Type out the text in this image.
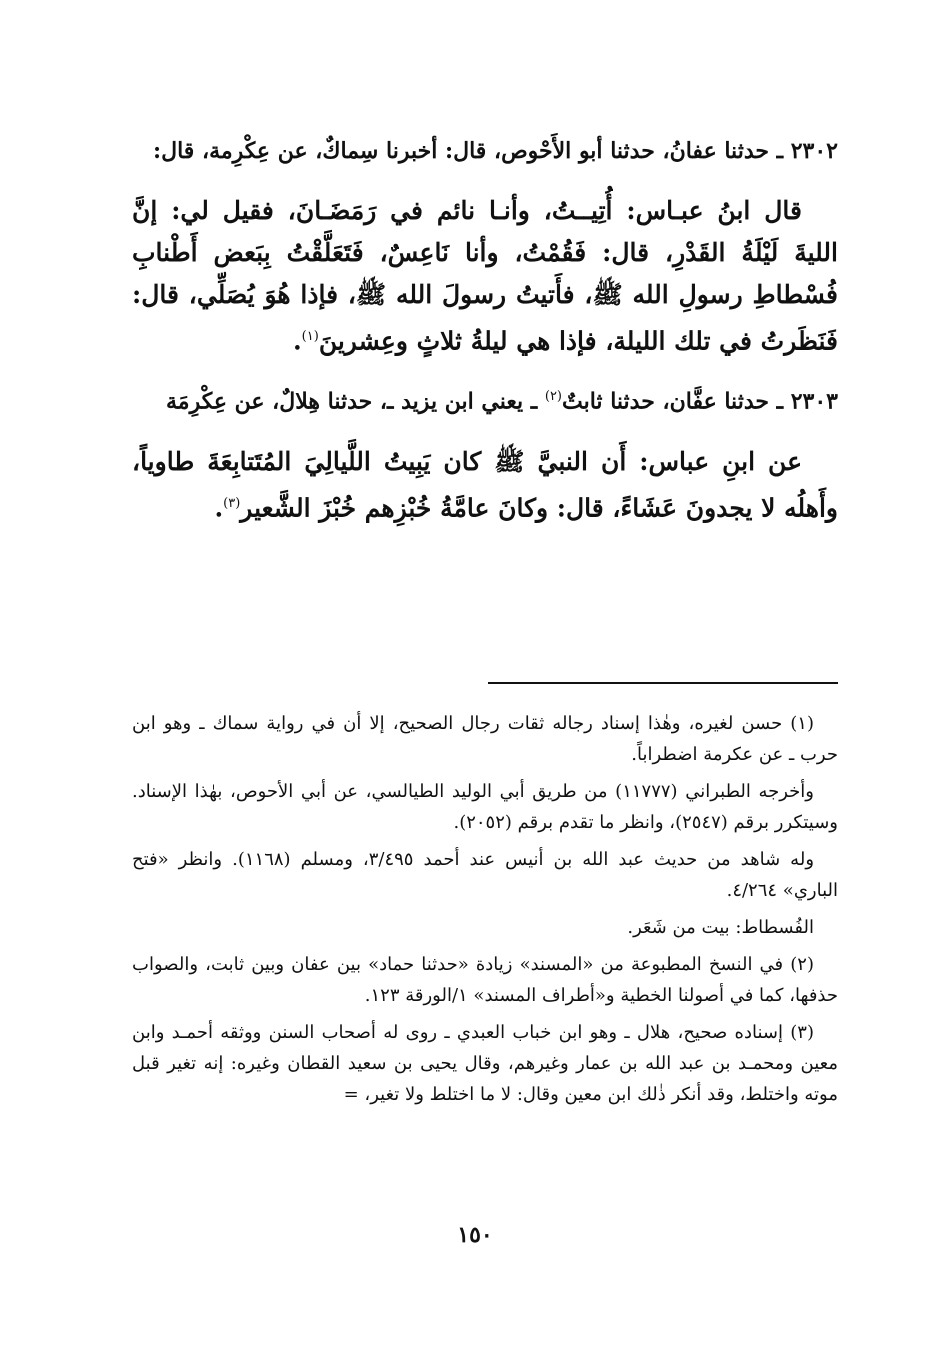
٢٣٠٢ ـ حدثنا عفانُ، حدثنا أبو الأَحْوص، قال: أخبرنا سِماكٌ، عن عِكْرِمة، قال:

قال ابنُ عبـاس: أُتِيــتُ، وأنـا نائم في رَمَضَـانَ، فقيل لي: إنَّ الليةَ لَيْلَةُ القَدْرِ، قال: فَقُمْتُ، وأنا نَاعِسٌ، فَتَعَلَّقْتُ بِبَعض أَطْنابِ فُسْطاطِ رسولِ الله ﷺ، فأَتيتُ رسولَ الله ﷺ، فإذا هُوَ يُصَلِّي، قال: فَنَظَرتُ في تلك الليلة، فإذا هي ليلةُ ثلاثٍ وعِشرينَ$^{(١)}$.

٢٣٠٣ ـ حدثنا عفَّان، حدثنا ثابتٌ$^{(٢)}$ ـ يعني ابن يزيد ـ، حدثنا هِلالٌ، عن عِكْرِمَة

عن ابنِ عباس: أَن النبيَّ ﷺ كان يَبِيتُ اللَّيالِيَ المُتَتابِعَةَ طاوياً، وأَهلُه لا يجدونَ عَشَاءً، قال: وكانَ عامَّةُ خُبْزِهم خُبْزَ الشَّعير$^{(٣)}$.

(١) حسن لغيره، وهٰذا إسناد رجاله ثقات رجال الصحيح، إلا أن في رواية سماك ـ وهو ابن حرب ـ عن عكرمة اضطراباً.

وأخرجه الطبراني (١١٧٧٧) من طريق أبي الوليد الطيالسي، عن أبي الأحوص، بهٰذا الإسناد. وسيتكرر برقم (٢٥٤٧)، وانظر ما تقدم برقم (٢٠٥٢).

وله شاهد من حديث عبد الله بن أنيس عند أحمد ٣/٤٩٥، ومسلم (١١٦٨). وانظر «فتح الباري» ٤/٢٦٤.

الفُسطاط: بيت من شَعَر.

(٢) في النسخ المطبوعة من «المسند» زيادة «حدثنا حماد» بين عفان وبين ثابت، والصواب حذفها، كما في أصولنا الخطية و«أطراف المسند» ١/الورقة ١٢٣.

(٣) إسناده صحيح، هلال ـ وهو ابن خباب العبدي ـ روى له أصحاب السنن ووثقه أحمـد وابن معين ومحمـد بن عبد الله بن عمار وغيرهم، وقال يحيى بن سعيد القطان وغيره: إنه تغير قبل موته واختلط، وقد أنكر ذٰلك ابن معين وقال: لا ما اختلط ولا تغير، =

١٥٠
